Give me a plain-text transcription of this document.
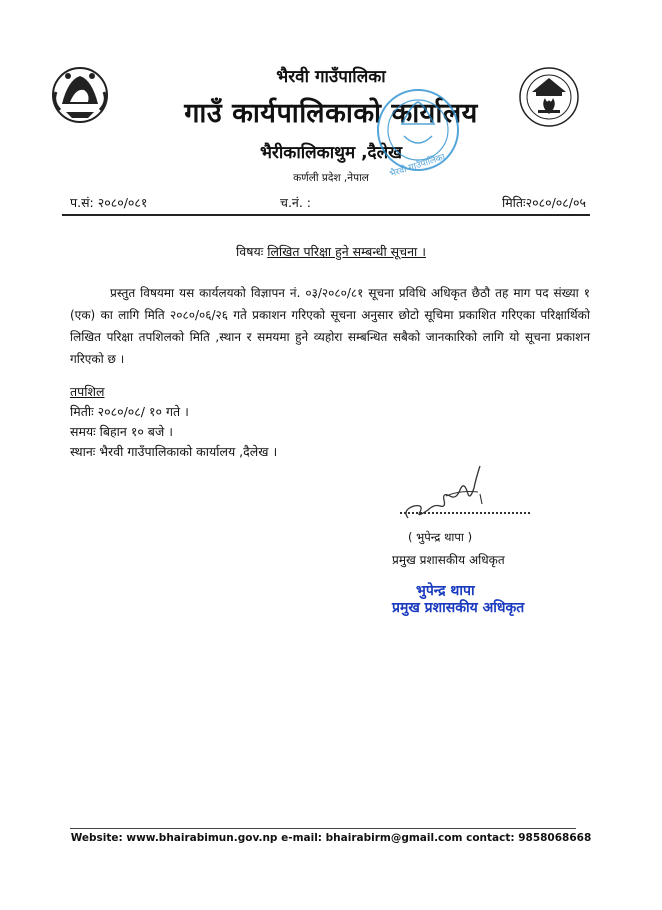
भैरवी गाउँपालिका
गाउँ कार्यपालिकाको कार्यालय
भैरीकालिकाथुम ,दैलेख
कर्णली प्रदेश ,नेपाल	भैरवी गाउँपालिका
प.सं: २०८०/०८१	च.नं. :	मितिः२०८०/०८/०५
विषयः लिखित परिक्षा हुने सम्बन्धी सूचना ।
प्रस्तुत विषयमा यस कार्यलयको विज्ञापन नं. ०३/२०८०/८१ सूचना प्रविधि अधिकृत छैठौ तह माग पद संख्या १ (एक) का लागि मिति २०८०/०६/२६ गते प्रकाशन गरिएको सूचना अनुसार छोटो सूचिमा प्रकाशित गरिएका परिक्षार्थिको लिखित परिक्षा तपशिलको मिति ,स्थान र समयमा हुने व्यहोरा सम्बन्धित सबैको जानकारिको लागि यो सूचना प्रकाशन गरिएको छ ।
तपशिल
मितीः २०८०/०८/ १० गते ।
समयः बिहान १० बजे ।
स्थानः भैरवी गाउँपालिकाको कार्यालय ,दैलेख ।
( भुपेन्द्र थापा )
प्रमुख प्रशासकीय अधिकृत
भुपेन्द्र थापा
प्रमुख प्रशासकीय अधिकृत
Website: www.bhairabimun.gov.np e-mail: bhairabirm@gmail.com contact: 9858068668
